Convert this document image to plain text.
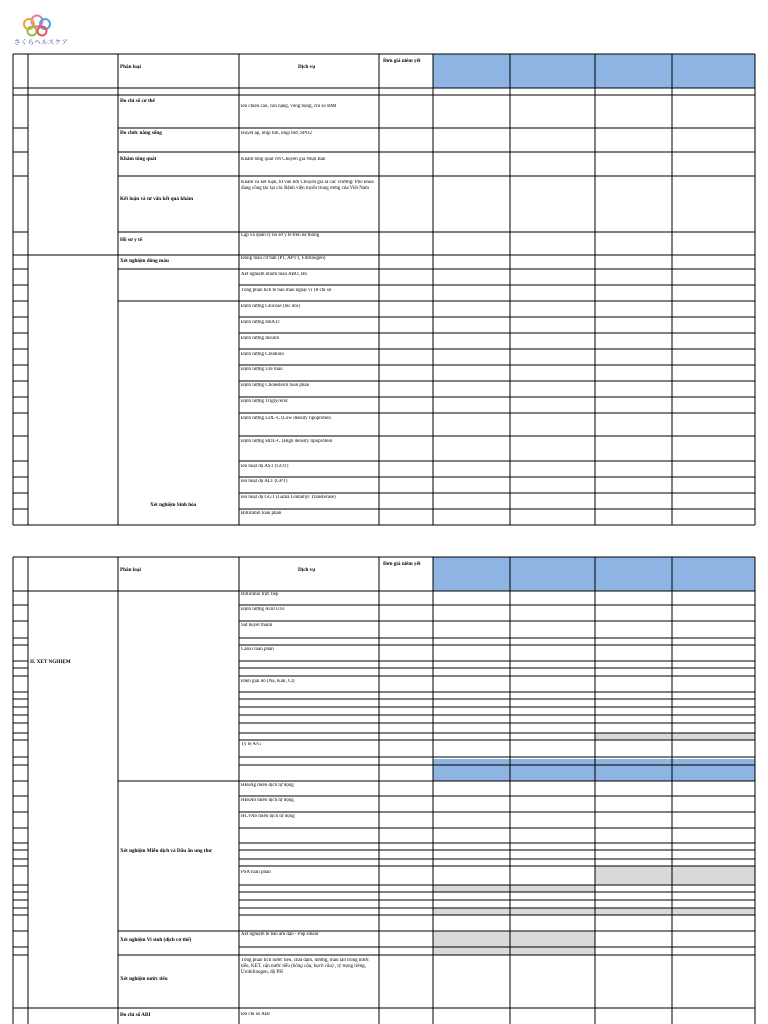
さくらヘルスケア
Phân loại	Dịch vụ
Đơn giá niêm yết
Đo chỉ số cơ thể
Đo chức năng sống
Khám tổng quát
Kết luận và tư vấn kết quả khám
Hồ sơ y tế
Xét nghiệm đông máu
Xét nghiệm Sinh hóa
Đo chiều cao, cân nặng, vòng bụng, chỉ số BMI
Huyết áp, nhịp tim, nhịp thở, SPO2
Khám tổng quát với Chuyên gia Nhật Bản
Khám và kết luận, tư vấn bởi Chuyên gia là các Trưởng/ Phó khoa đang công tác tại các Bệnh viện tuyến trung ương của Việt Nam
Lập và quản lý hồ sơ y tế trên hệ thống
Đông máu cơ bản (PT, APTT, Fibrinogen)
Xét nghiệm nhóm máu ABO, Rh
Tổng phân tích tế bào máu ngoại vi 18 chỉ số
Định lượng Glucose (lúc đói)
Định lượng HbA1c
Định lượng Insulin
Định lượng Creatinin
Định lượng Urê máu
Định lượng Cholesterol toàn phần
Định lượng Triglycerid
Định lượng LDL-C (Low density lipoprotein
Định lượng HDL-C (High density lipoprotein
Đo hoạt độ AST (GOT)
Đo hoạt độ ALT (GPT)
Đo hoạt độ GGT (Gama Glutamyl Transferase)
Billirubin toàn phần
Phân loại	Dịch vụ
Đơn giá niêm yết
II. XÉT NGHIỆM
Xét nghiệm Miễn dịch và Dấu ấn ung thư
Xét nghiệm Vi sinh (dịch cơ thể)
Xét nghiệm nước tiểu
Đo chỉ số ABI
Billirubin trực tiếp
Định lượng Acid Uric
Sắt huyết thanh
Canxi toàn phần
Điện giải đồ (Na, Kali, Cl)
Tỷ lệ A/G
HBsAg miễn dịch tự động
HBsAb miễn dịch tự động
HCVAb miễn dịch tự động
PSA toàn phần
Xét nghiệm tế bào âm đạo - Pap smear
Tổng phân tích nước tiểu, chất đạm, đường, màu lần trong nước tiểu, KET, cặn nước tiểu (hồng cầu, bạch cầu) , tỷ trọng riêng, Urobilinogen, độ PH
Đo chỉ số ABI
